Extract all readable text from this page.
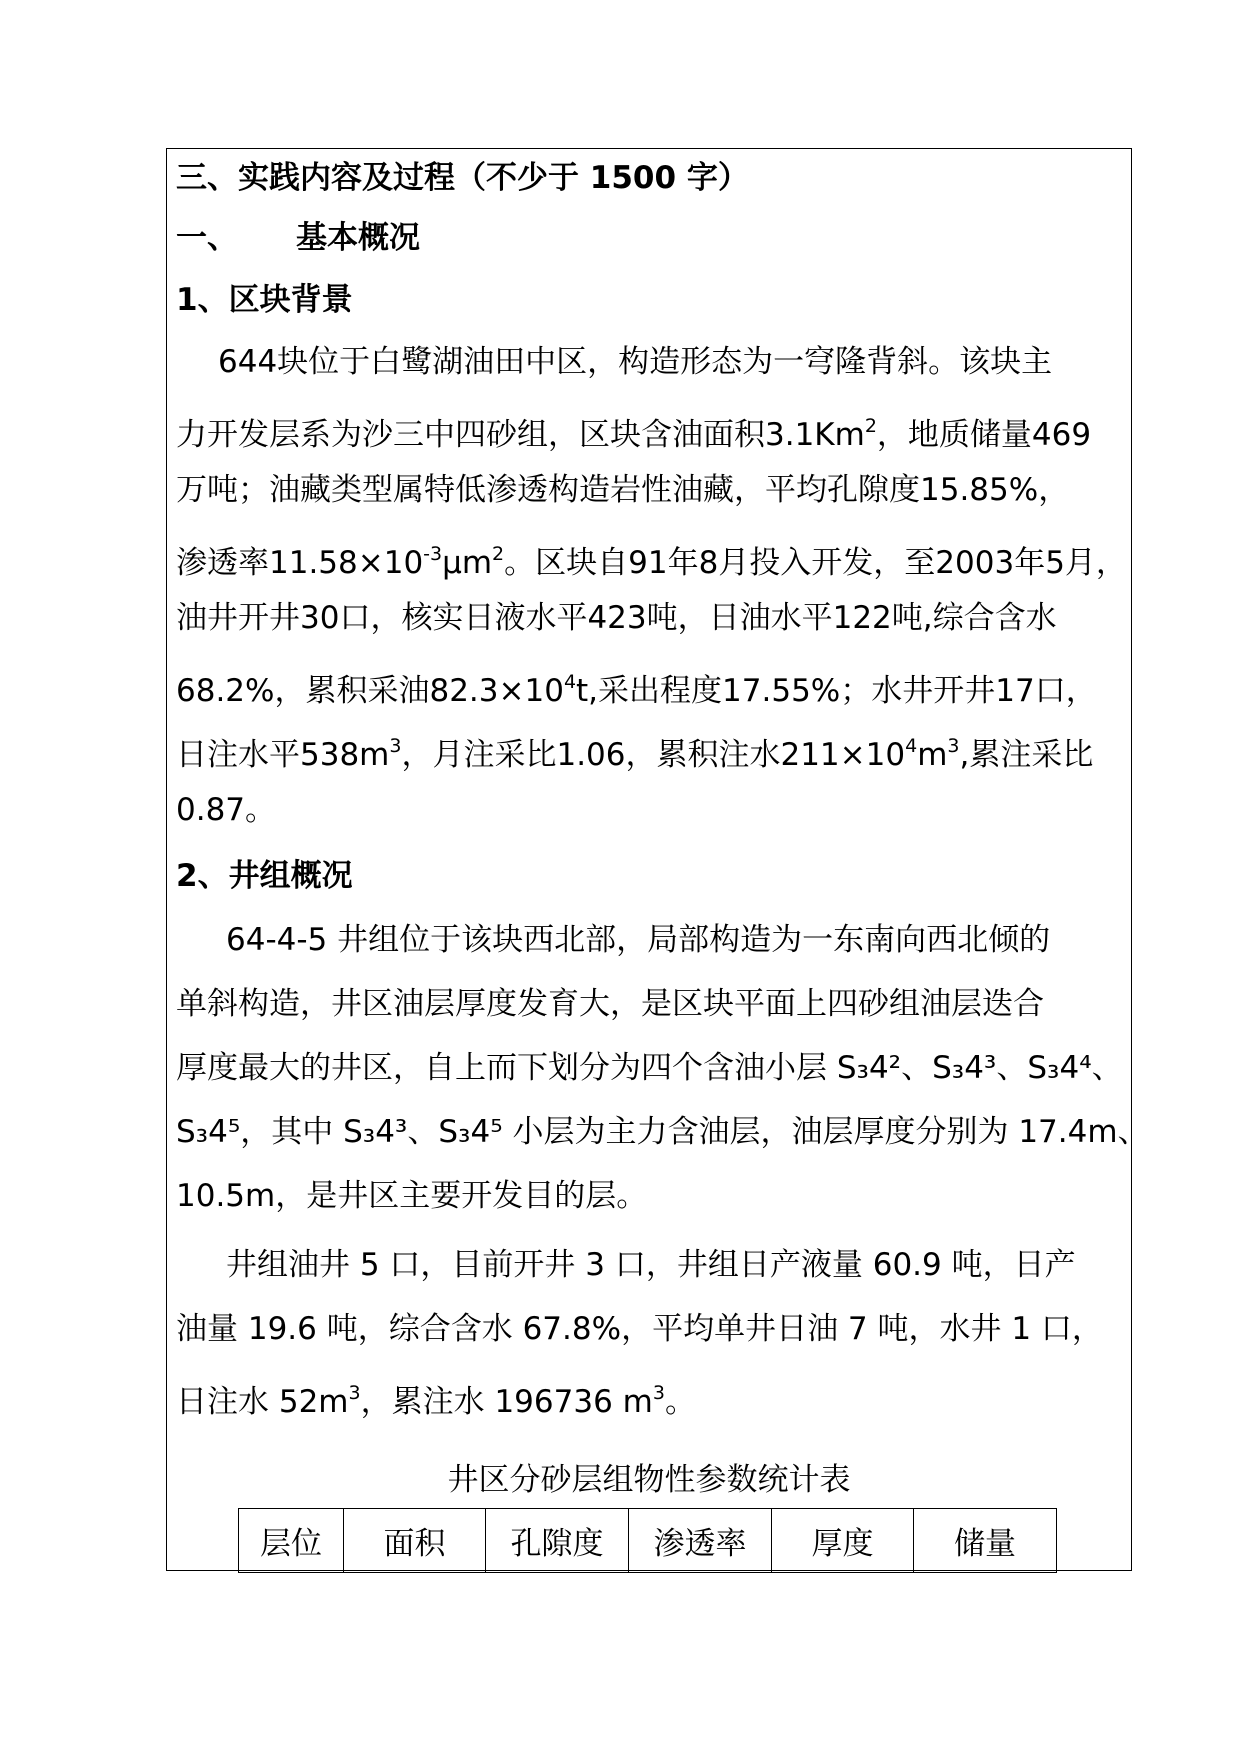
三、实践内容及过程（不少于 1500 字）
一、 基本概况
1、区块背景
644块位于白鹭湖油田中区，构造形态为一穹隆背斜。该块主
力开发层系为沙三中四砂组，区块含油面积3.1Km$^2$，地质储量469
万吨；油藏类型属特低渗透构造岩性油藏，平均孔隙度15.85%，
渗透率$11.58\times 10^{-3}\mu m^2$。区块自91年8月投入开发，至2003年5月，
油井开井30口，核实日液水平423吨，日油水平122吨,综合含水
68.2%，累积采油$82.3\times 10^4t$,采出程度17.55%；水井开井17口，
日注水平$538m^3$，月注采比1.06，累积注水$211\times 10^4m^3$,累注采比
0.87。
2、井组概况
64-4-5 井组位于该块西北部，局部构造为一东南向西北倾的
单斜构造，井区油层厚度发育大，是区块平面上四砂组油层迭合
厚度最大的井区，自上而下划分为四个含油小层 S₃4²、S₃4³、S₃4⁴、
S₃4⁵，其中 S₃4³、S₃4⁵ 小层为主力含油层，油层厚度分别为 17.4m、
10.5m，是井区主要开发目的层。
井组油井 5 口，目前开井 3 口，井组日产液量 60.9 吨，日产
油量 19.6 吨，综合含水 67.8%，平均单井日油 7 吨，水井 1 口，
日注水 $52m^3$，累注水 196736 $m^3$。
井区分砂层组物性参数统计表
层位	面积	孔隙度	渗透率	厚度	储量
